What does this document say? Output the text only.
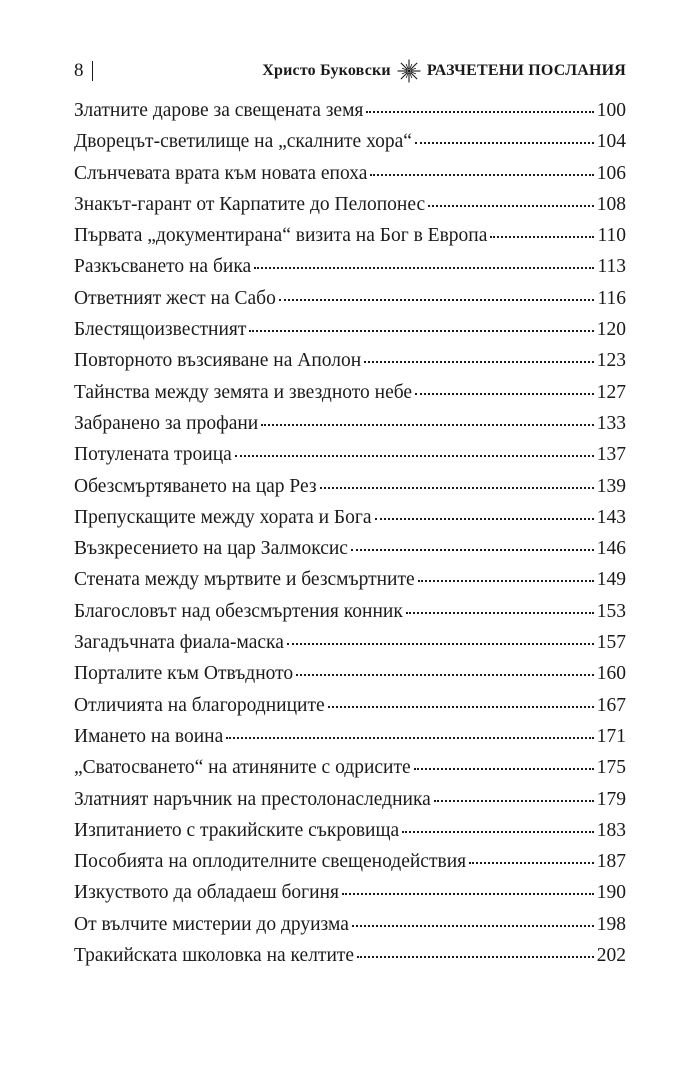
8	Христо Буковски РАЗЧЕТЕНИ ПОСЛАНИЯ
Златните дарове за свещената земя	100
Дворецът-светилище на „скалните хора“	104
Слънчевата врата към новата епоха	106
Знакът-гарант от Карпатите до Пелопонес	108
Първата „документирана“ визита на Бог в Европа	110
Разкъсването на бика	113
Ответният жест на Сабо	116
Блестящоизвестният	120
Повторното възсияване на Аполон	123
Тайнства между земята и звездното небе	127
Забранено за профани	133
Потулената троица	137
Обезсмъртяването на цар Рез	139
Препускащите между хората и Бога	143
Възкресението на цар Залмоксис	146
Стената между мъртвите и безсмъртните	149
Благословът над обезсмъртения конник	153
Загадъчната фиала-маска	157
Порталите към Отвъдното	160
Отличията на благородниците	167
Имането на воина	171
„Сватосването“ на атиняните с одрисите	175
Златният наръчник на престолонаследника	179
Изпитанието с тракийските съкровища	183
Пособията на оплодителните свещенодействия	187
Изкуството да обладаеш богиня	190
От вълчите мистерии до друизма	198
Тракийската школовка на келтите	202
